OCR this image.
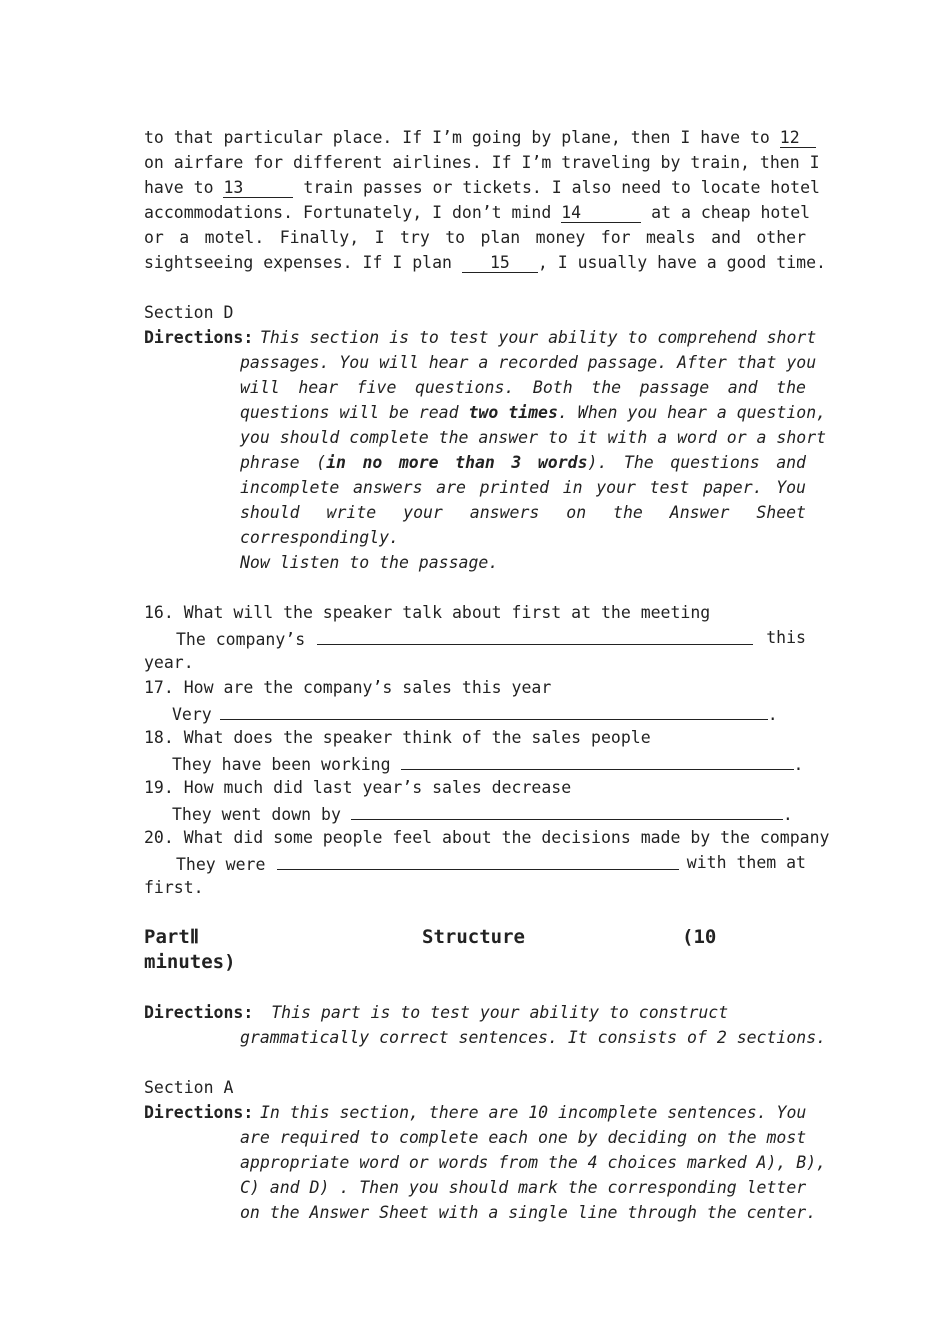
to that particular place. If I’m going by plane, then I have to 12
on airfare for different airlines. If I’m traveling by train, then I
have to 13	train passes or tickets. I also need to locate hotel
accommodations. Fortunately, I don’t mind 14	at a cheap hotel
or a motel. Finally, I try to plan money for meals and other
sightseeing expenses. If I plan 15 , I usually have a good time.
Section D
Directions: This section is to test your ability to comprehend short
passages. You will hear a recorded passage. After that you
will hear five questions. Both the passage and the
questions will be read two times. When you hear a question,
you should complete the answer to it with a word or a short
phrase (in no more than 3 words). The questions and
incomplete answers are printed in your test paper. You
should write your answers on the Answer Sheet
correspondingly.
Now listen to the passage.
16. What will the speaker talk about first at the meeting
The company’s	this
year.
17. How are the company’s sales this year
Very	.
18. What does the speaker think of the sales people
They have been working	.
19. How much did last year’s sales decrease
They went down by	.
20. What did some people feel about the decisions made by the company
They were	with them at
first.
PartⅡ	Structure	(10
minutes)
Directions: This part is to test your ability to construct
grammatically correct sentences. It consists of 2 sections.
Section A
Directions: In this section, there are 10 incomplete sentences. You
are required to complete each one by deciding on the most
appropriate word or words from the 4 choices marked A), B),
C) and D) . Then you should mark the corresponding letter
on the Answer Sheet with a single line through the center.
